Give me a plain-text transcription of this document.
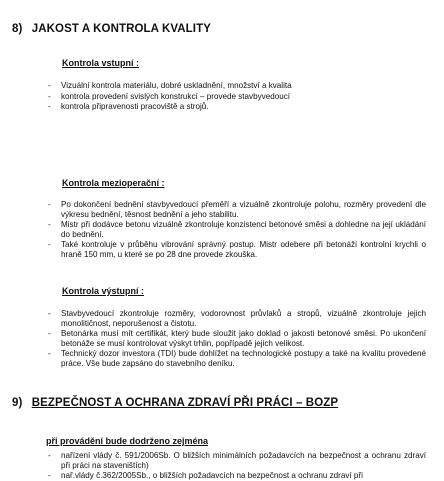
8) JAKOST A KONTROLA KVALITY
Kontrola vstupní :
- Vizuální kontrola materiálu, dobré uskladnění, množství a kvalita
- kontrola provedení svislých konstrukcí – provede stavbyvedoucí
- kontrola připravenosti pracoviště a strojů.
Kontrola mezioperační :
- Po dokončení bednění stavbyvedoucí přeměří a vizuálně zkontroluje polohu, rozměry provedení dle výkresu bednění, těsnost bednění a jeho stabilitu.
- Mistr při dodávce betonu vizuálně zkontroluje konzistenci betonové směsi a dohledne na její ukládání do bednění.
- Také kontroluje v průběhu vibrování správný postup. Mistr odebere při betonáži kontrolní krychli o hraně 150 mm, u které se po 28 dne provede zkouška.
Kontrola výstupní :
- Stavbyvedoucí zkontroluje rozměry, vodorovnost průvlaků a stropů, vizuálně zkontroluje jejich monolitičnost, neporušenost a čistotu.
- Betonárka musí mít certifikát, který bude sloužit jako doklad o jakosti betonové směsi. Po ukončení betonáže se musí kontrolovat výskyt trhlin, popřípadě jejich velikost.
- Technický dozor investora (TDI) bude dohlížet na technologické postupy a také na kvalitu provedené práce. Vše bude zapsáno do stavebního deníku.
9) BEZPEČNOST A OCHRANA ZDRAVÍ PŘI PRÁCI – BOZP
při provádění bude dodrženo zejména
- nařízení vlády č. 591/2006Sb. O bližších minimálních požadavcích na bezpečnost a ochranu zdraví při práci na staveništích)
- nař.vlády č.362/2005Sb., o bližších požadavcích na bezpečnost a ochranu zdraví při
